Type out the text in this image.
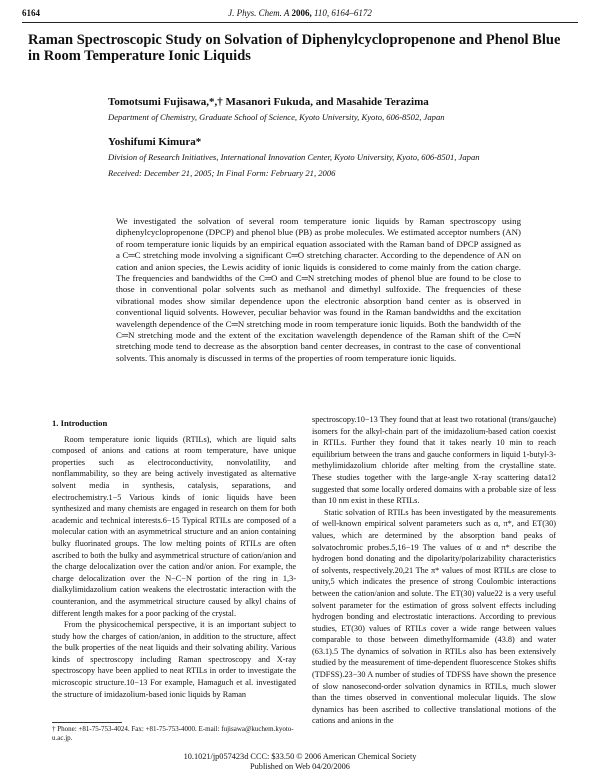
6164	J. Phys. Chem. A 2006, 110, 6164–6172
Raman Spectroscopic Study on Solvation of Diphenylcyclopropenone and Phenol Blue in Room Temperature Ionic Liquids
Tomotsumi Fujisawa,*,† Masanori Fukuda, and Masahide Terazima
Department of Chemistry, Graduate School of Science, Kyoto University, Kyoto, 606-8502, Japan
Yoshifumi Kimura*
Division of Research Initiatives, International Innovation Center, Kyoto University, Kyoto, 606-8501, Japan
Received: December 21, 2005; In Final Form: February 21, 2006
We investigated the solvation of several room temperature ionic liquids by Raman spectroscopy using diphenylcyclopropenone (DPCP) and phenol blue (PB) as probe molecules. We estimated acceptor numbers (AN) of room temperature ionic liquids by an empirical equation associated with the Raman band of DPCP assigned as a C═C stretching mode involving a significant C═O stretching character. According to the dependence of AN on cation and anion species, the Lewis acidity of ionic liquids is considered to come mainly from the cation charge. The frequencies and bandwidths of the C═O and C═N stretching modes of phenol blue are found to be close to those in conventional polar solvents such as methanol and dimethyl sulfoxide. The frequencies of these vibrational modes show similar dependence upon the electronic absorption band center as is observed in conventional liquid solvents. However, peculiar behavior was found in the Raman bandwidths and the excitation wavelength dependence of the C═N stretching mode in room temperature ionic liquids. Both the bandwidth of the C═N stretching mode and the extent of the excitation wavelength dependence of the Raman shift of the C═N stretching mode tend to decrease as the absorption band center decreases, in contrast to the case of conventional solvents. This anomaly is discussed in terms of the properties of room temperature ionic liquids.

1. Introduction

Room temperature ionic liquids (RTILs), which are liquid salts composed of anions and cations at room temperature, have unique properties such as electroconductivity, nonvolatility, and nonflammability, so they are being actively investigated as alternative solvent media in synthesis, catalysis, separations, and electrochemistry.1−5 Various kinds of ionic liquids have been synthesized and many chemists are engaged in research on them for both academic and technical interests.6−15 Typical RTILs are composed of a molecular cation with an asymmetrical structure and an anion containing bulky fluorinated groups. The low melting points of RTILs are often ascribed to both the bulky and asymmetrical structure of cation/anion and the charge delocalization over the cation and/or anion. For example, the charge delocalization over the N−C−N portion of the ring in 1,3-dialkylimidazolium cation weakens the electrostatic interaction with the counteranion, and the asymmetrical structure caused by alkyl chains of different length makes for a poor packing of the crystal.

From the physicochemical perspective, it is an important subject to study how the charges of cation/anion, in addition to the structure, affect the bulk properties of the neat liquids and their solvating ability. Various kinds of spectroscopy including Raman spectroscopy and X-ray spectroscopy have been applied to neat RTILs in order to investigate the microscopic structure.10−13 For example, Hamaguch et al. investigated the structure of imidazolium-based ionic liquids by Raman

spectroscopy.10−13 They found that at least two rotational (trans/gauche) isomers for the alkyl-chain part of the imidazolium-based cation coexist in RTILs. Further they found that it takes nearly 10 min to reach equilibrium between the trans and gauche conformers in liquid 1-butyl-3-methylimidazolium chloride after melting from the crystalline state. These studies together with the large-angle X-ray scattering data12 suggested that some locally ordered domains with a probable size of less than 10 nm exist in these RTILs.

Static solvation of RTILs has been investigated by the measurements of well-known empirical solvent parameters such as α, π*, and ET(30) values, which are determined by the absorption band peaks of solvatochromic probes.5,16−19 The values of α and π* describe the hydrogen bond donating and the dipolarity/polarizability characteristics of solvents, respectively.20,21 The π* values of most RTILs are close to unity,5 which indicates the presence of strong Coulombic interactions between the cation/anion and solute. The ET(30) value22 is a very useful solvent parameter for the estimation of gross solvent effects including hydrogen bonding and electrostatic interactions. According to previous studies, ET(30) values of RTILs cover a wide range between values comparable to those between dimethylformamide (43.8) and water (63.1).5 The dynamics of solvation in RTILs also has been extensively studied by the measurement of time-dependent fluorescence Stokes shifts (TDFSS).23−30 A number of studies of TDFSS have shown the presence of slow nanosecond-order solvation dynamics in RTILs, much slower than the times observed in conventional molecular liquids. The slow dynamics has been ascribed to collective translational motions of the cations and anions in the

† Phone: +81-75-753-4024. Fax: +81-75-753-4000. E-mail: fujisawa@kuchem.kyoto-u.ac.jp.
10.1021/jp057423d CCC: $33.50 © 2006 American Chemical Society
Published on Web 04/20/2006
